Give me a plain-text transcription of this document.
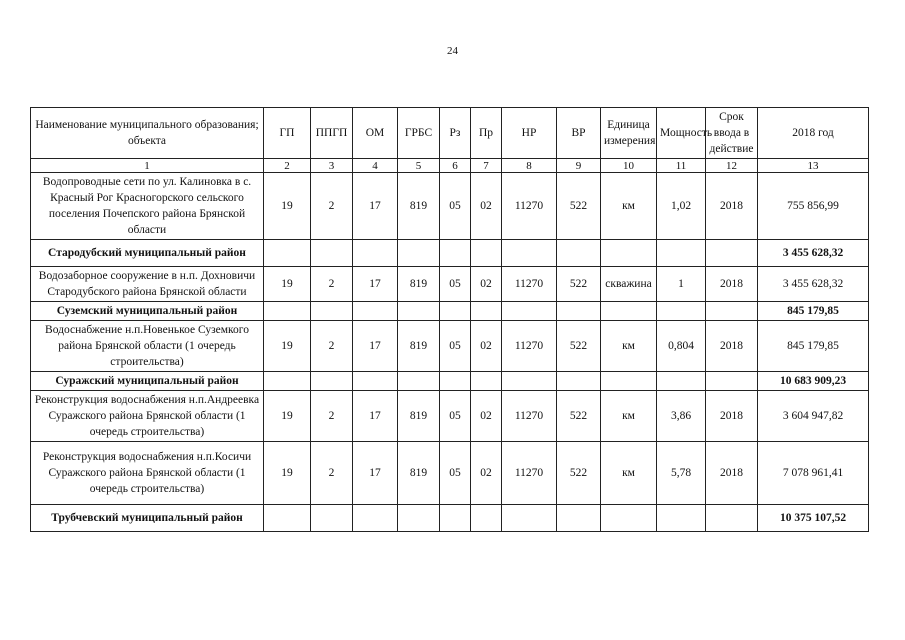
24
Наименование муниципального образования; объекта	ГП	ППГП	ОМ	ГРБС	Рз	Пр	НР	ВР	Единица измерения	Мощность	Срок ввода в действие	2018 год
1	2	3	4	5	6	7	8	9	10	11	12	13
Водопроводные сети по ул. Калиновка в с. Красный Рог Красногорского сельского поселения Почепского района Брянской области	19	2	17	819	05	02	11270	522	км	1,02	2018	755 856,99
Стародубский муниципальный район												3 455 628,32
Водозаборное сооружение в н.п. Дохновичи Стародубского района Брянской области	19	2	17	819	05	02	11270	522	скважина	1	2018	3 455 628,32
Суземский муниципальный район												845 179,85
Водоснабжение н.п.Новенькое Суземкого района Брянской области (1 очередь строительства)	19	2	17	819	05	02	11270	522	км	0,804	2018	845 179,85
Суражский муниципальный район												10 683 909,23
Реконструкция водоснабжения н.п.Андреевка Суражского района Брянской области (1 очередь строительства)	19	2	17	819	05	02	11270	522	км	3,86	2018	3 604 947,82
Реконструкция водоснабжения н.п.Косичи Суражского района Брянской области (1 очередь строительства)	19	2	17	819	05	02	11270	522	км	5,78	2018	7 078 961,41
Трубчевский муниципальный район												10 375 107,52
